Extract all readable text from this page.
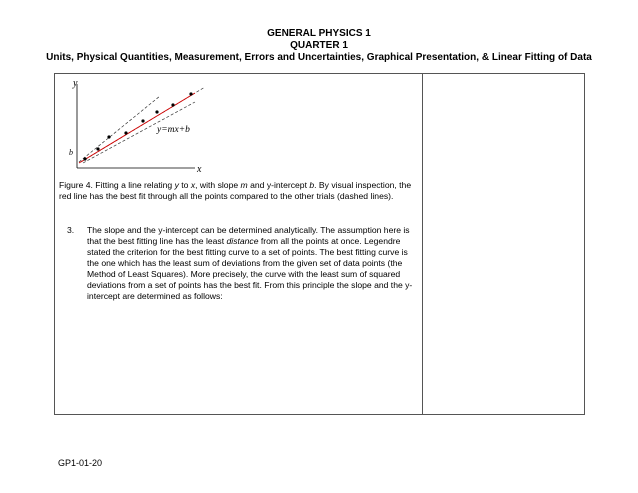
GENERAL PHYSICS 1
QUARTER 1
Units, Physical Quantities, Measurement, Errors and Uncertainties, Graphical Presentation, & Linear Fitting of Data
y
x
b
y=mx+b
Figure 4. Fitting a line relating y to x, with slope m and y-intercept b. By visual inspection, the red line has the best fit through all the points compared to the other trials (dashed lines).
3. The slope and the y-intercept can be determined analytically. The assumption here is that the best fitting line has the least distance from all the points at once. Legendre stated the criterion for the best fitting curve to a set of points. The best fitting curve is the one which has the least sum of deviations from the given set of data points (the Method of Least Squares). More precisely, the curve with the least sum of squared deviations from a set of points has the best fit. From this principle the slope and the y-intercept are determined as follows:
GP1-01-20
